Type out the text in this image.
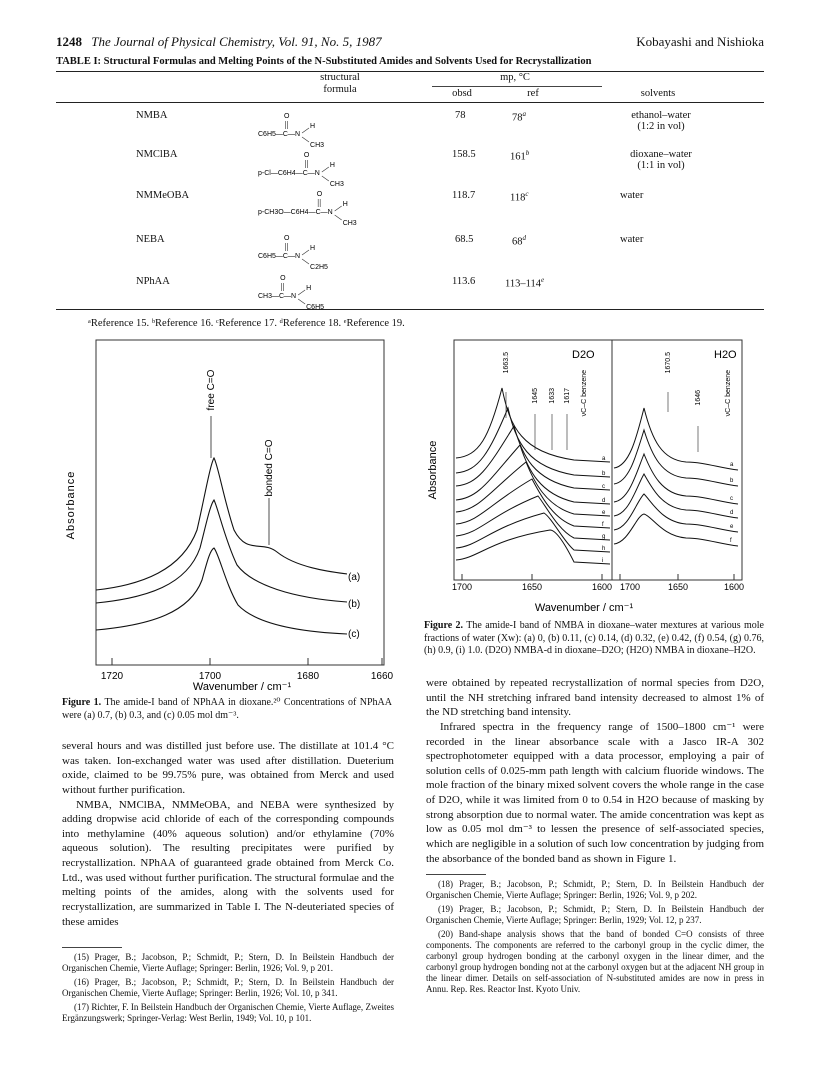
1248 The Journal of Physical Chemistry, Vol. 91, No. 5, 1987	Kobayashi and Nishioka
TABLE I: Structural Formulas and Melting Points of the N-Substituted Amides and Solvents Used for Recrystallization
structural
formula
mp, °C
obsd	ref	solvents
NMBA	78	78$^a$	ethanol–water
(1:2 in vol)
NMClBA	158.5	161$^b$	dioxane–water
(1:1 in vol)
NMMeOBA	118.7	118$^c$	water
NEBA	68.5	68$^d$	water
NPhAA	113.6	113–114e
C6H5—C—N
O
H
CH3
p-Cl—C6H4—C—N
O
H
CH3
p-CH3O—C6H4—C—N
O
H
CH3
C6H5—C—N
O
H
C2H5
CH3—C—N
O
H
C6H5
ᵃReference 15. ᵇReference 16. ᶜReference 17. ᵈReference 18. ᵉReference 19.
1720	1700	1680	1660
Absorbance
Wavenumber / cm⁻¹
free C=O
bonded C=O
(a)
(b)
(c)
Figure 1. The amide-I band of NPhAA in dioxane.²⁰ Concentrations of NPhAA were (a) 0.7, (b) 0.3, and (c) 0.05 mol dm⁻³.
1700	1650	1600 1700	1650	1600
a
b
c
d
e
f
g
h
i
a
b
c
d
e
f
Absorbance
Wavenumber / cm⁻¹
D2O	H2O
1663.5
1645 1633 1617
1670.5
1646
νC–C benzene	νC–C benzene
Figure 2. The amide-I band of NMBA in dioxane–water mextures at various mole fractions of water (Xw): (a) 0, (b) 0.11, (c) 0.14, (d) 0.32, (e) 0.42, (f) 0.54, (g) 0.76, (h) 0.9, (i) 1.0. (D2O) NMBA-d in dioxane–D2O; (H2O) NMBA in dioxane–H2O.

several hours and was distilled just before use. The distillate at 101.4 °C was taken. Ion-exchanged water was used after distillation. Dueterium oxide, claimed to be 99.75% pure, was obtained from Merck and used without further purification.

NMBA, NMClBA, NMMeOBA, and NEBA were synthesized by adding dropwise acid chloride of each of the corresponding compounds into methylamine (40% aqueous solution) and/or ethylamine (70% aqueous solution). The resulting precipitates were purified by recrystallization. NPhAA of guaranteed grade obtained from Merck Co. Ltd., was used without further purification. The structural formulae and the melting points of the amides, along with the solvents used for recrystallization, are summarized in Table I. The N-deuteriated species of these amides

(15) Prager, B.; Jacobson, P.; Schmidt, P.; Stern, D. In Beilstein Handbuch der Organischen Chemie, Vierte Auflage; Springer: Berlin, 1926; Vol. 9, p 201.

(16) Prager, B.; Jacobson, P.; Schmidt, P.; Stern, D. In Beilstein Handbuch der Organischen Chemie, Vierte Auflage; Springer: Berlin, 1926; Vol. 10, p 341.

(17) Richter, F. In Beilstein Handbuch der Organischen Chemie, Vierte Auflage, Zweites Ergänzungswerk; Springer-Verlag: West Berlin, 1949; Vol. 10, p 101.

were obtained by repeated recrystallization of normal species from D2O, until the NH stretching infrared band intensity decreased to almost 1% of the ND stretching band intensity.

Infrared spectra in the frequency range of 1500–1800 cm⁻¹ were recorded in the linear absorbance scale with a Jasco IR-A 302 spectrophotometer equipped with a data processor, employing a pair of solution cells of 0.025-mm path length with calcium fluoride windows. The mole fraction of the binary mixed solvent covers the whole range in the case of D2O, while it was limited from 0 to 0.54 in H2O because of masking by strong absorption due to normal water. The amide concentration was kept as low as 0.05 mol dm⁻³ to lessen the presence of self-associated species, which are negligible in a solution of such low concentration by judging from the absorbance of the bonded band as shown in Figure 1.

(18) Prager, B.; Jacobson, P.; Schmidt, P.; Stern, D. In Beilstein Handbuch der Organischen Chemie, Vierte Auflage; Springer: Berlin, 1926; Vol. 9, p 202.

(19) Prager, B.; Jacobson, P.; Schmidt, P.; Stern, D. In Beilstein Handbuch der Organischen Chemie, Vierte Auflage; Springer: Berlin, 1929; Vol. 12, p 237.

(20) Band-shape analysis shows that the band of bonded C=O consists of three components. The components are referred to the carbonyl group in the cyclic dimer, the carbonyl group hydrogen bonding at the carbonyl oxygen in the linear dimer, and the carbonyl group hydrogen bonding not at the carbonyl oxygen but at the adjacent NH group in the linear dimer. Details on self-association of N-substituted amides are now in press in Annu. Rep. Res. Reactor Inst. Kyoto Univ.
